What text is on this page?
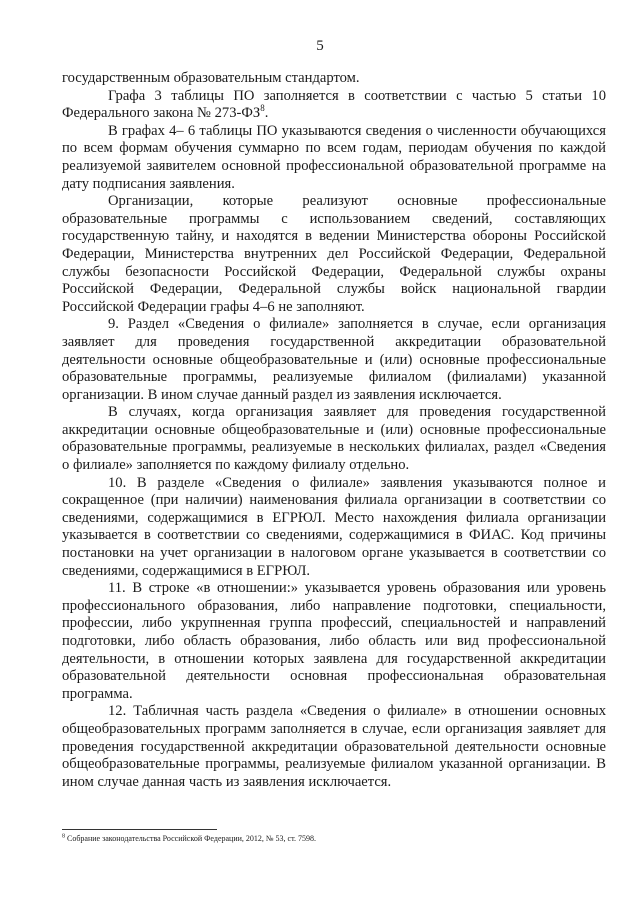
5

государственным образовательным стандартом.

Графа 3 таблицы ПО заполняется в соответствии с частью 5 статьи 10 Федерального закона № $273-ФЗ^8$.

В графах 4– 6 таблицы ПО указываются сведения о численности обучающихся по всем формам обучения суммарно по всем годам, периодам обучения по каждой реализуемой заявителем основной профессиональной образовательной программе на дату подписания заявления.

Организации, которые реализуют основные профессиональные образовательные программы с использованием сведений, составляющих государственную тайну, и находятся в ведении Министерства обороны Российской Федерации, Министерства внутренних дел Российской Федерации, Федеральной службы безопасности Российской Федерации, Федеральной службы охраны Российской Федерации, Федеральной службы войск национальной гвардии Российской Федерации графы 4–6 не заполняют.

9. Раздел «Сведения о филиале» заполняется в случае, если организация заявляет для проведения государственной аккредитации образовательной деятельности основные общеобразовательные и (или) основные профессиональные образовательные программы, реализуемые филиалом (филиалами) указанной организации. В ином случае данный раздел из заявления исключается.

В случаях, когда организация заявляет для проведения государственной аккредитации основные общеобразовательные и (или) основные профессиональные образовательные программы, реализуемые в нескольких филиалах, раздел «Сведения о филиале» заполняется по каждому филиалу отдельно.

10. В разделе «Сведения о филиале» заявления указываются полное и сокращенное (при наличии) наименования филиала организации в соответствии со сведениями, содержащимися в ЕГРЮЛ. Место нахождения филиала организации указывается в соответствии со сведениями, содержащимися в ФИАС. Код причины постановки на учет организации в налоговом органе указывается в соответствии со сведениями, содержащимися в ЕГРЮЛ.

11. В строке «в отношении:» указывается уровень образования или уровень профессионального образования, либо направление подготовки, специальности, профессии, либо укрупненная группа профессий, специальностей и направлений подготовки, либо область образования, либо область или вид профессиональной деятельности, в отношении которых заявлена для государственной аккредитации образовательной деятельности основная профессиональная образовательная программа.

12. Табличная часть раздела «Сведения о филиале» в отношении основных общеобразовательных программ заполняется в случае, если организация заявляет для проведения государственной аккредитации образовательной деятельности основные общеобразовательные программы, реализуемые филиалом указанной организации. В ином случае данная часть из заявления исключается.

$^8$ Собрание законодательства Российской Федерации, 2012, № 53, ст. 7598.
